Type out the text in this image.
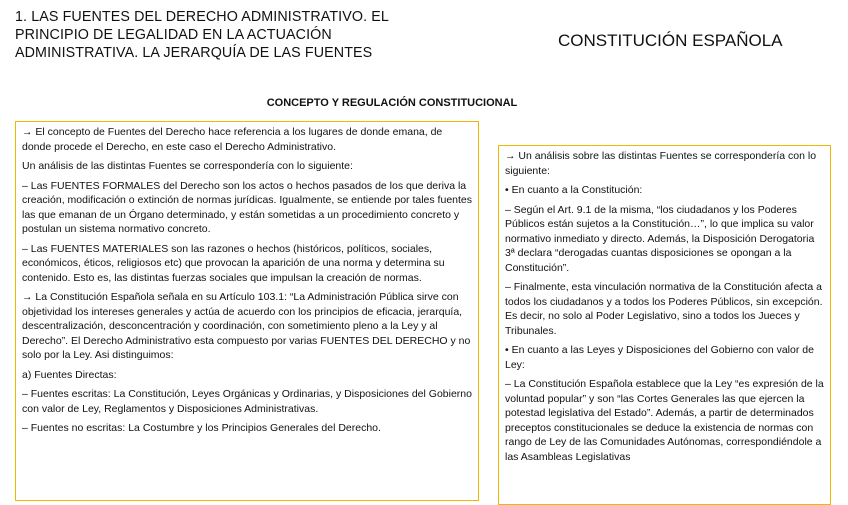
1. LAS FUENTES DEL DERECHO ADMINISTRATIVO. EL
PRINCIPIO DE LEGALIDAD EN LA ACTUACIÓN
ADMINISTRATIVA. LA JERARQUÍA DE LAS FUENTES
CONSTITUCIÓN ESPAÑOLA
CONCEPTO Y REGULACIÓN CONSTITUCIONAL

→ El concepto de Fuentes del Derecho hace referencia a los lugares de donde emana, de donde procede el Derecho, en este caso el Derecho Administrativo.

Un análisis de las distintas Fuentes se correspondería con lo siguiente:

– Las FUENTES FORMALES del Derecho son los actos o hechos pasados de los que deriva la creación, modificación o extinción de normas jurídicas. Igualmente, se entiende por tales fuentes las que emanan de un Órgano determinado, y están sometidas a un procedimiento concreto y postulan un sistema normativo concreto.

– Las FUENTES MATERIALES son las razones o hechos (históricos, políticos, sociales, económicos, éticos, religiosos etc) que provocan la aparición de una norma y determina su contenido. Esto es, las distintas fuerzas sociales que impulsan la creación de normas.

→ La Constitución Española señala en su Artículo 103.1: “La Administración Pública sirve con objetividad los intereses generales y actúa de acuerdo con los principios de eficacia, jerarquía, descentralización, desconcentración y coordinación, con sometimiento pleno a la Ley y al Derecho”. El Derecho Administrativo esta compuesto por varias FUENTES DEL DERECHO y no solo por la Ley. Asi distinguimos:

a) Fuentes Directas:

– Fuentes escritas: La Constitución, Leyes Orgánicas y Ordinarias, y Disposiciones del Gobierno con valor de Ley, Reglamentos y Disposiciones Administrativas.

– Fuentes no escritas: La Costumbre y los Principios Generales del Derecho.

→ Un análisis sobre las distintas Fuentes se correspondería con lo siguiente:

• En cuanto a la Constitución:

– Según el Art. 9.1 de la misma, “los ciudadanos y los Poderes Públicos están sujetos a la Constitución…”, lo que implica su valor normativo inmediato y directo. Además, la Disposición Derogatoria 3ª declara “derogadas cuantas disposiciones se opongan a la Constitución”.

– Finalmente, esta vinculación normativa de la Constitución afecta a todos los ciudadanos y a todos los Poderes Públicos, sin excepción. Es decir, no solo al Poder Legislativo, sino a todos los Jueces y Tribunales.

• En cuanto a las Leyes y Disposiciones del Gobierno con valor de Ley:

– La Constitución Española establece que la Ley “es expresión de la voluntad popular” y son “las Cortes Generales las que ejercen la potestad legislativa del Estado”. Además, a partir de determinados preceptos constitucionales se deduce la existencia de normas con rango de Ley de las Comunidades Autónomas, correspondiéndole a las Asambleas Legislativas
